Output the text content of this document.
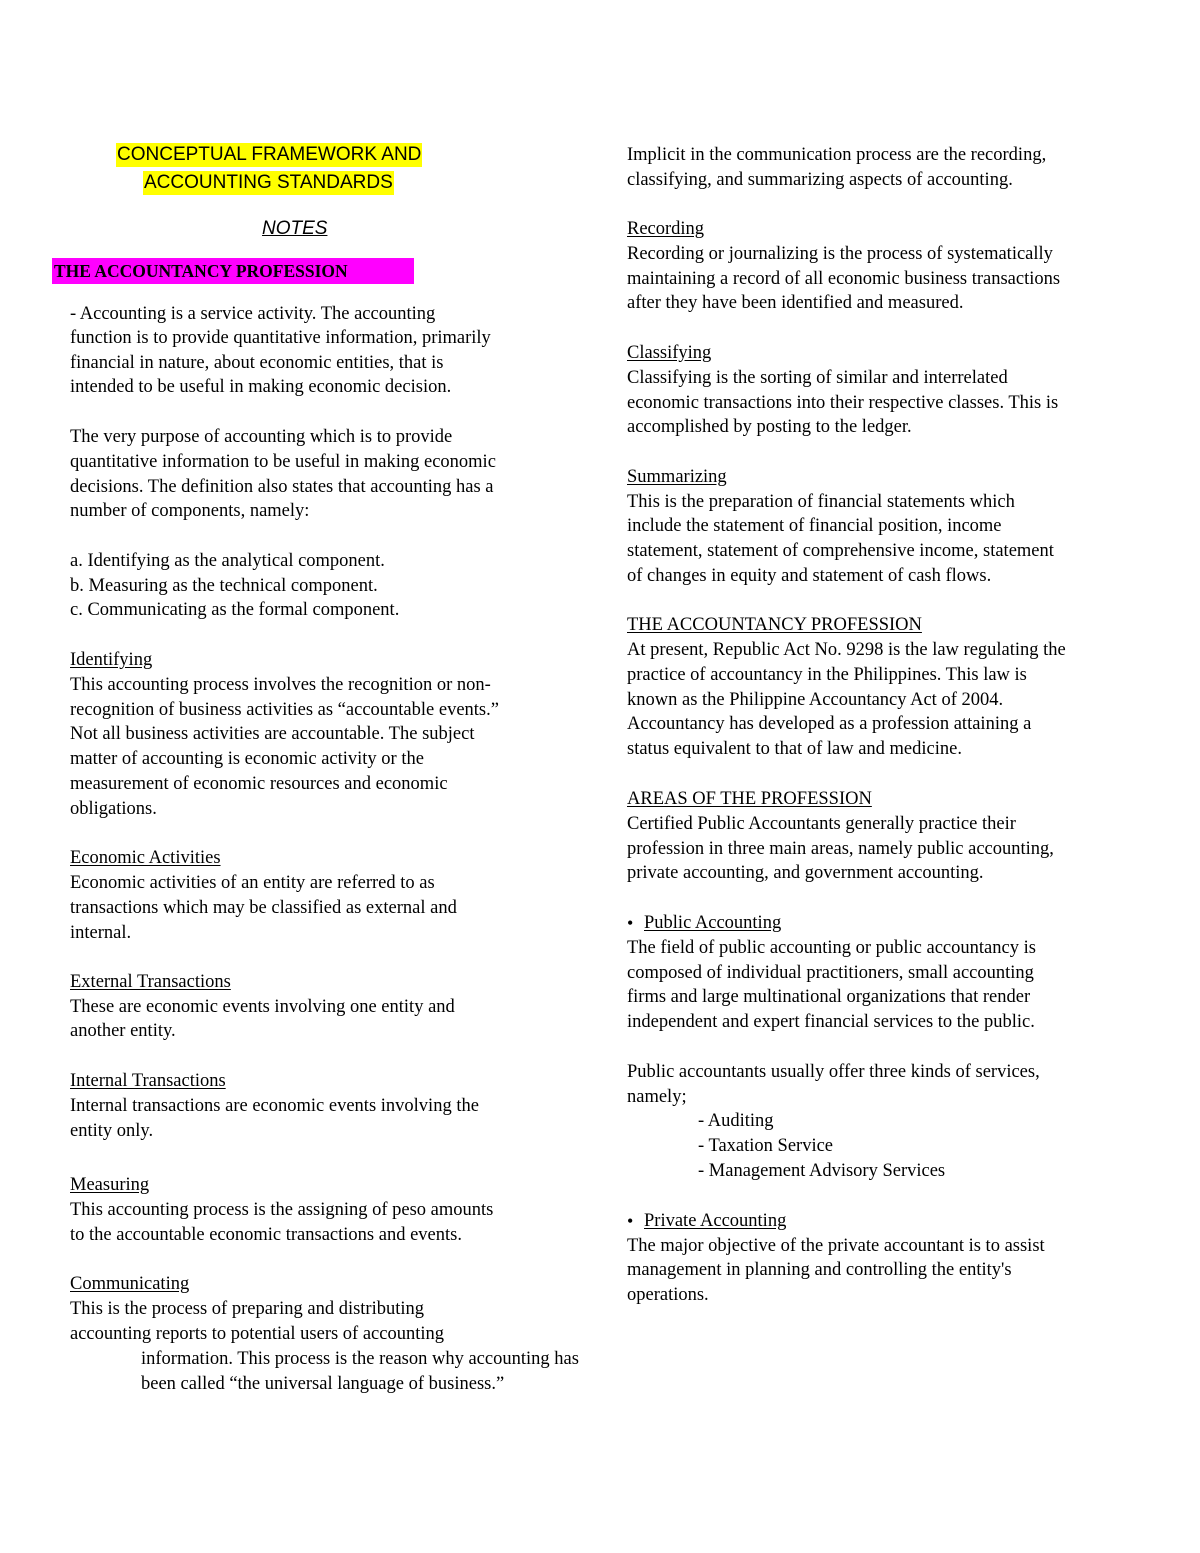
CONCEPTUAL FRAMEWORK AND
ACCOUNTING STANDARDS
NOTES
THE ACCOUNTANCY PROFESSION
- Accounting is a service activity. The accounting
function is to provide quantitative information, primarily
financial in nature, about economic entities, that is
intended to be useful in making economic decision.
The very purpose of accounting which is to provide
quantitative information to be useful in making economic
decisions. The definition also states that accounting has a
number of components, namely:
a. Identifying as the analytical component.
b. Measuring as the technical component.
c. Communicating as the formal component.
Identifying
This accounting process involves the recognition or non-
recognition of business activities as “accountable events.”
Not all business activities are accountable. The subject
matter of accounting is economic activity or the
measurement of economic resources and economic
obligations.
Economic Activities
Economic activities of an entity are referred to as
transactions which may be classified as external and
internal.
External Transactions
These are economic events involving one entity and
another entity.
Internal Transactions
Internal transactions are economic events involving the
entity only.
Measuring
This accounting process is the assigning of peso amounts
to the accountable economic transactions and events.
Communicating
This is the process of preparing and distributing
accounting reports to potential users of accounting
information. This process is the reason why accounting has
been called “the universal language of business.”
Implicit in the communication process are the recording,
classifying, and summarizing aspects of accounting.
Recording
Recording or journalizing is the process of systematically
maintaining a record of all economic business transactions
after they have been identified and measured.
Classifying
Classifying is the sorting of similar and interrelated
economic transactions into their respective classes. This is
accomplished by posting to the ledger.
Summarizing
This is the preparation of financial statements which
include the statement of financial position, income
statement, statement of comprehensive income, statement
of changes in equity and statement of cash flows.
THE ACCOUNTANCY PROFESSION
At present, Republic Act No. 9298 is the law regulating the
practice of accountancy in the Philippines. This law is
known as the Philippine Accountancy Act of 2004.
Accountancy has developed as a profession attaining a
status equivalent to that of law and medicine.
AREAS OF THE PROFESSION
Certified Public Accountants generally practice their
profession in three main areas, namely public accounting,
private accounting, and government accounting.
• Public Accounting
The field of public accounting or public accountancy is
composed of individual practitioners, small accounting
firms and large multinational organizations that render
independent and expert financial services to the public.
Public accountants usually offer three kinds of services,
namely;
- Auditing
- Taxation Service
- Management Advisory Services
• Private Accounting
The major objective of the private accountant is to assist
management in planning and controlling the entity's
operations.
